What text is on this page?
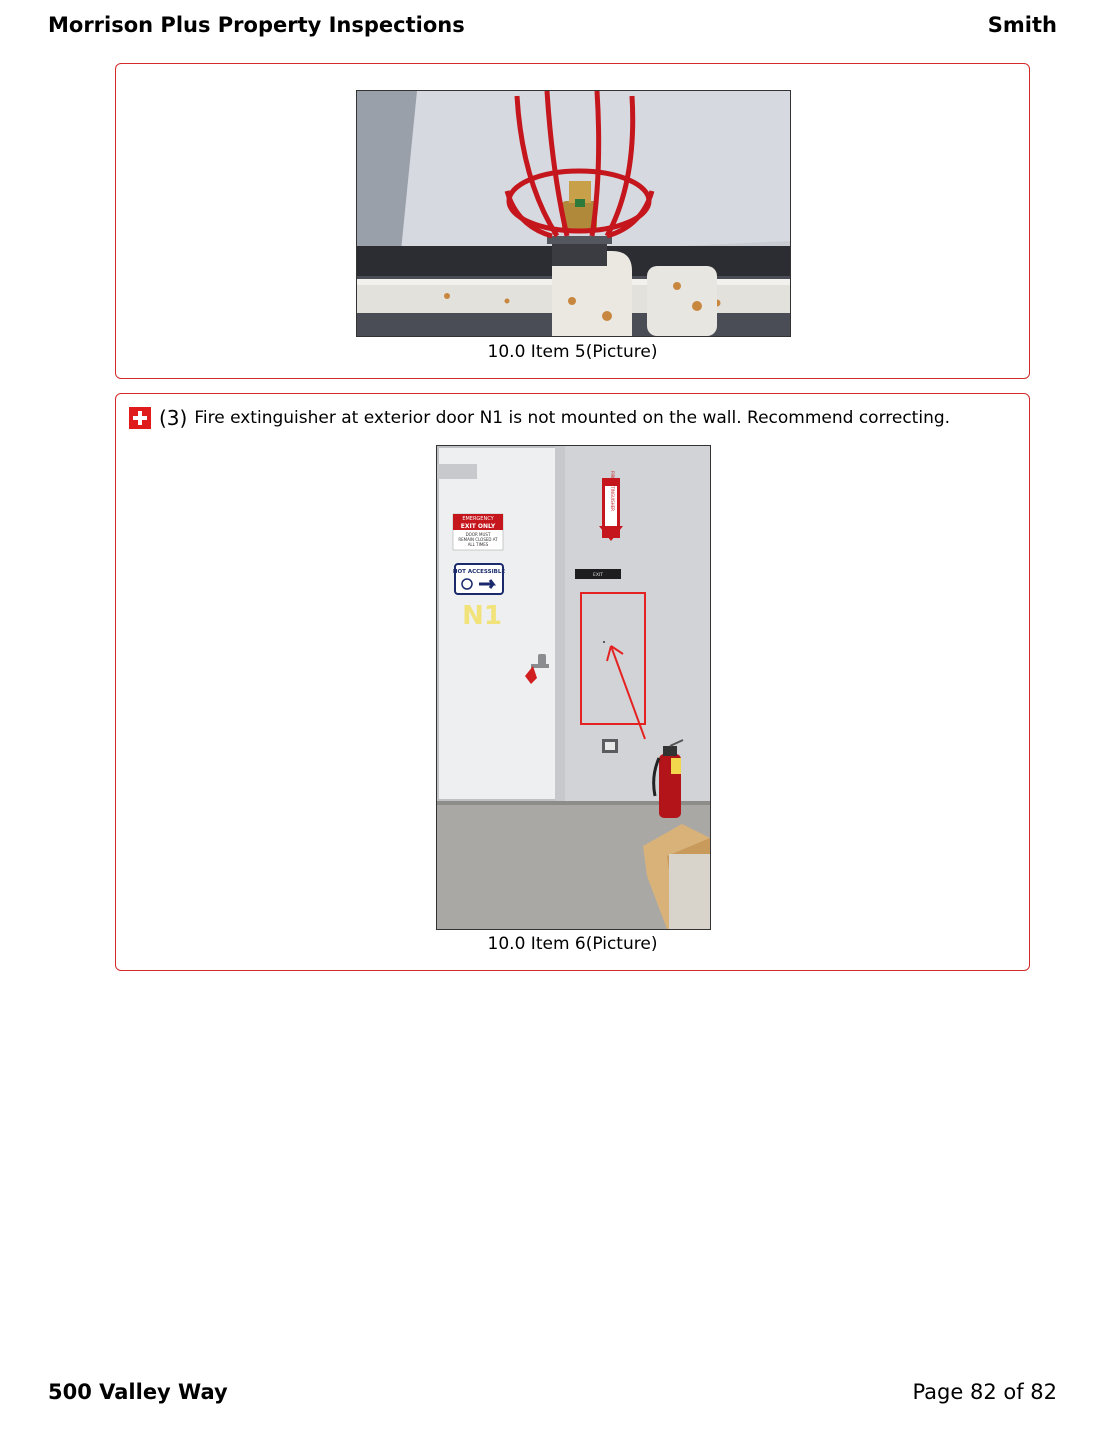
Morrison Plus Property Inspections	Smith
10.0 Item 5(Picture)
(3) Fire extinguisher at exterior door N1 is not mounted on the wall. Recommend correcting.
EMERGENCY
EXIT ONLY
DOOR MUST
REMAIN CLOSED AT
ALL TIMES
NOT ACCESSIBLE
N1
FIRE EXTINGUISHER
EXIT
10.0 Item 6(Picture)
500 Valley Way	Page 82 of 82
